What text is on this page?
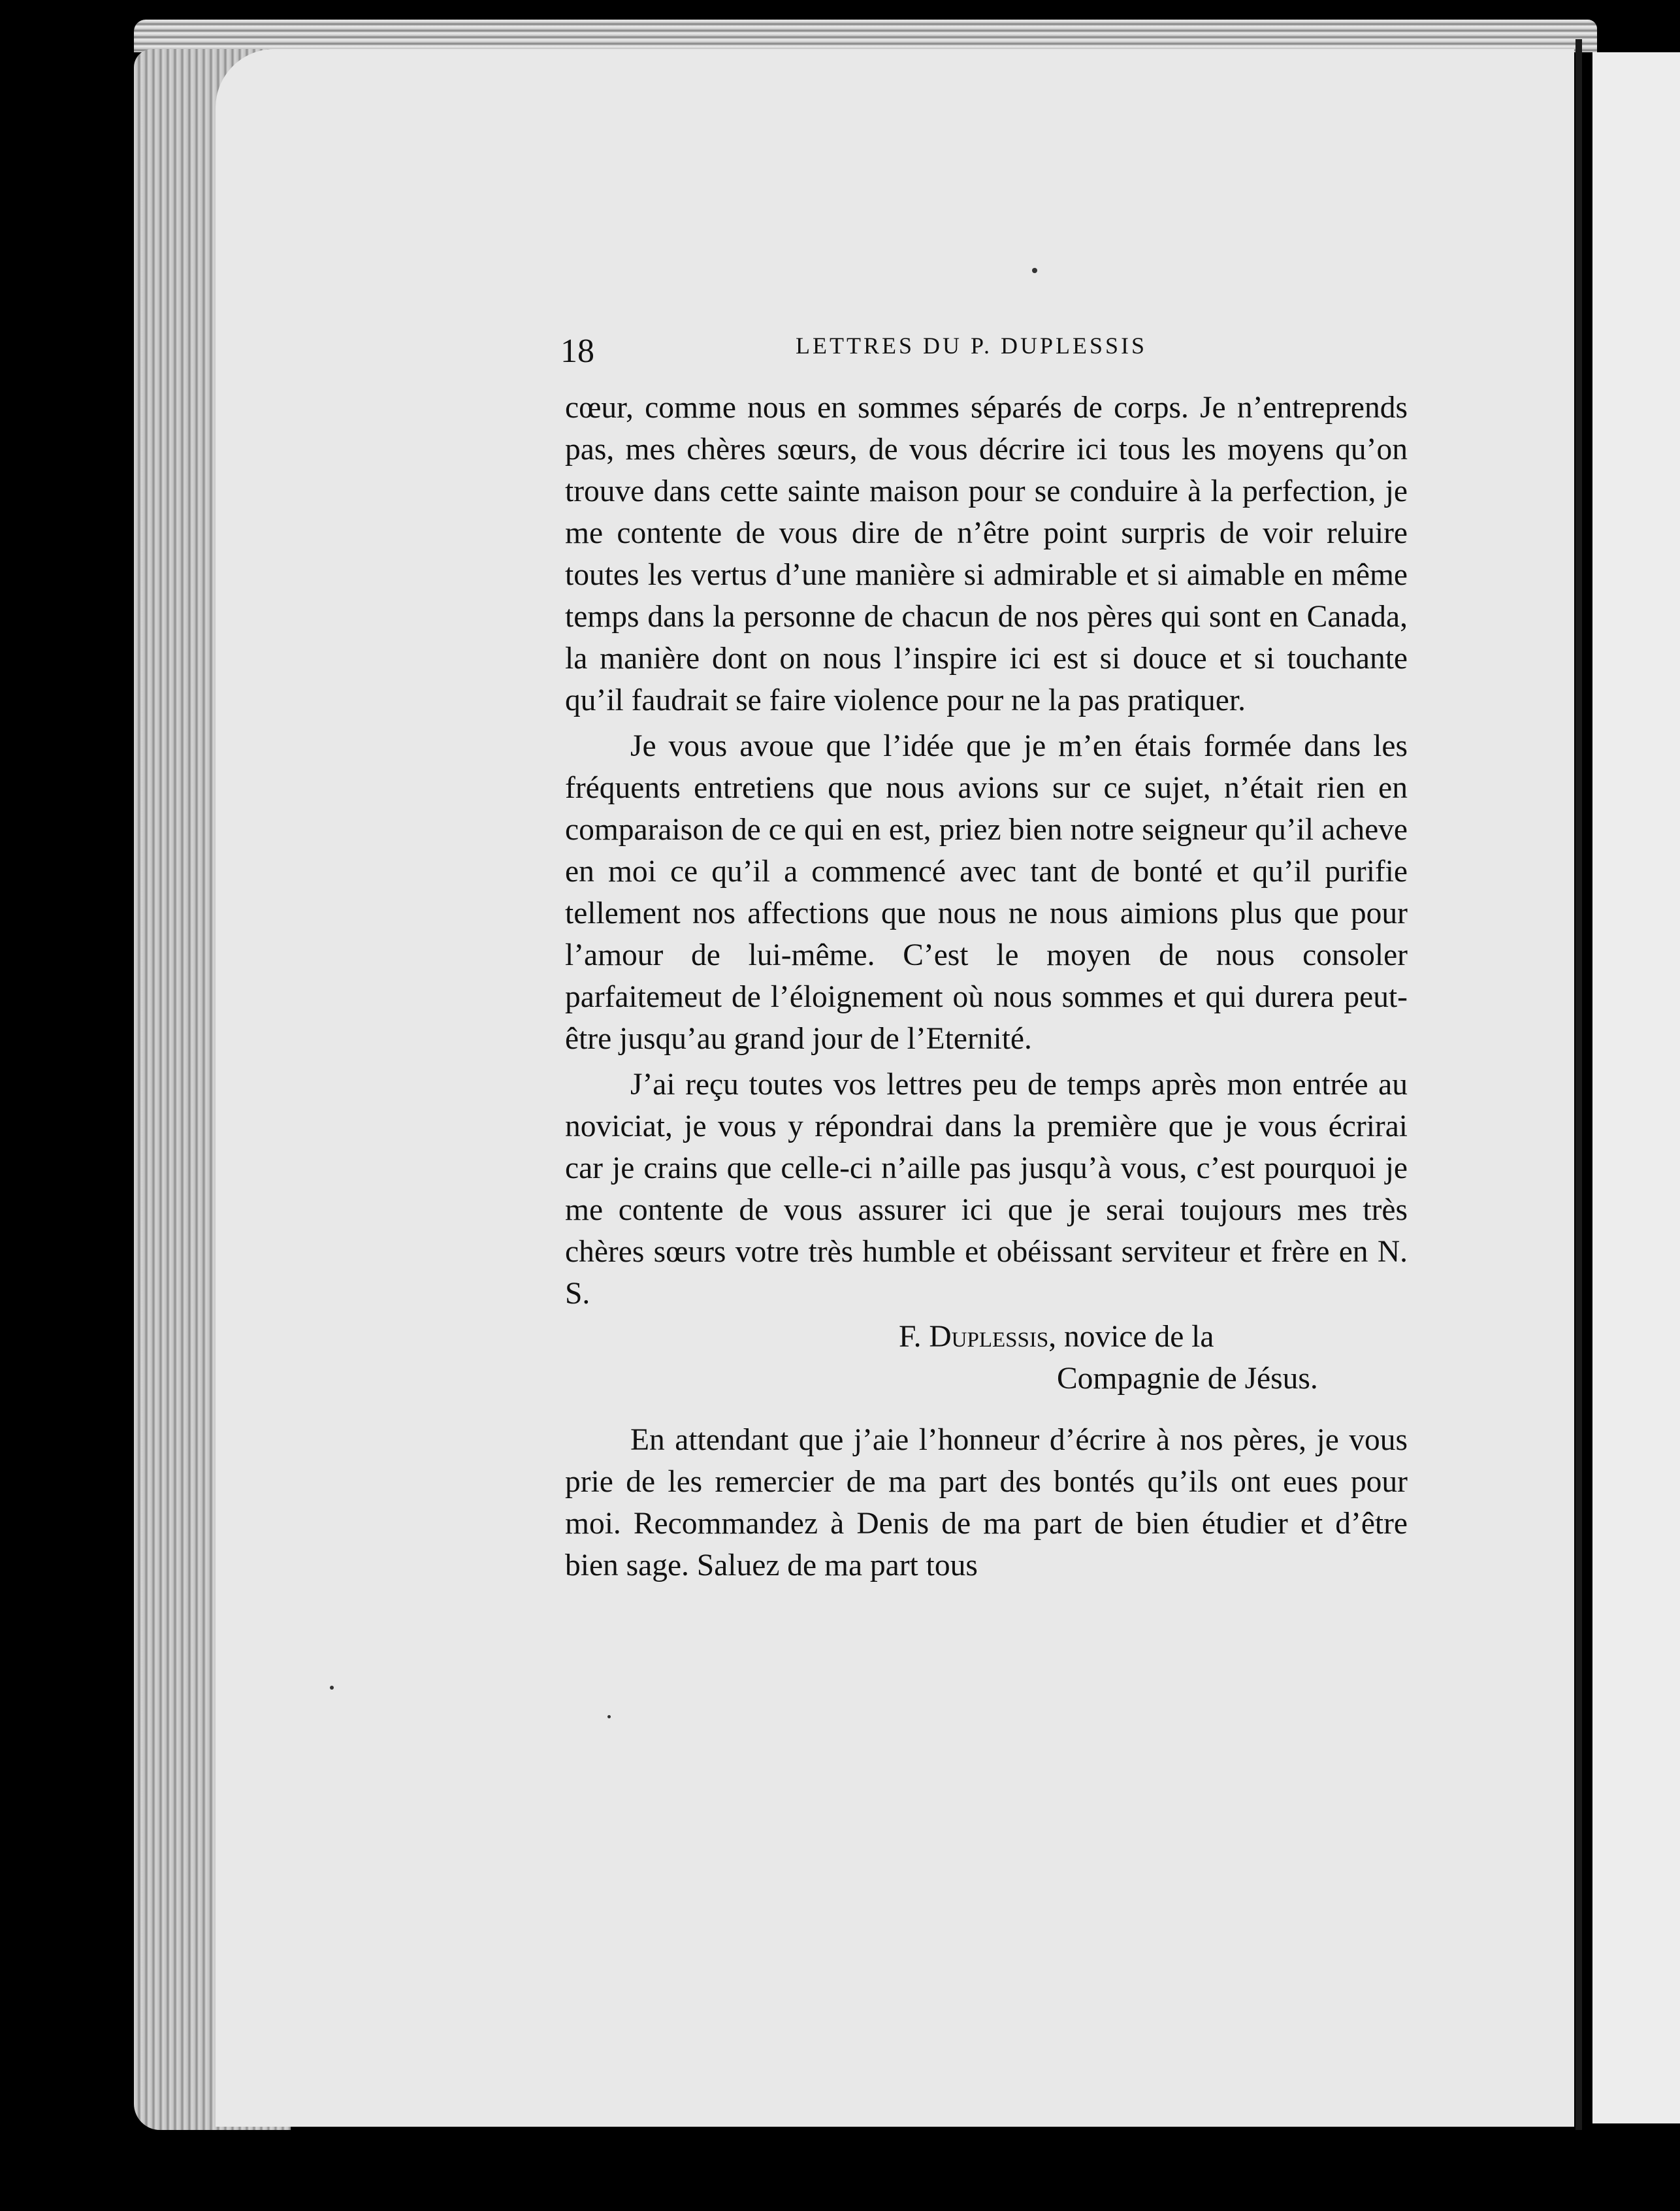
18	LETTRES DU P. DUPLESSIS

cœur, comme nous en sommes séparés de corps. Je n’entreprends pas, mes chères sœurs, de vous décrire ici tous les moyens qu’on trouve dans cette sainte maison pour se conduire à la perfection, je me contente de vous dire de n’être point surpris de voir reluire toutes les vertus d’une manière si admirable et si aimable en même temps dans la personne de chacun de nos pères qui sont en Canada, la manière dont on nous l’inspire ici est si douce et si touchante qu’il faudrait se faire violence pour ne la pas pratiquer.

Je vous avoue que l’idée que je m’en étais formée dans les fréquents entretiens que nous avions sur ce sujet, n’était rien en comparaison de ce qui en est, priez bien notre seigneur qu’il acheve en moi ce qu’il a commencé avec tant de bonté et qu’il purifie tellement nos affections que nous ne nous aimions plus que pour l’amour de lui-même. C’est le moyen de nous consoler parfaitemeut de l’éloignement où nous sommes et qui durera peut-être jusqu’au grand jour de l’Eternité.

J’ai reçu toutes vos lettres peu de temps après mon entrée au noviciat, je vous y répondrai dans la première que je vous écrirai car je crains que celle-ci n’aille pas jusqu’à vous, c’est pourquoi je me contente de vous assurer ici que je serai toujours mes très chères sœurs votre très humble et obéissant serviteur et frère en N. S.

F. Duplessis, novice de la
Compagnie de Jésus.

En attendant que j’aie l’honneur d’écrire à nos pères, je vous prie de les remercier de ma part des bontés qu’ils ont eues pour moi. Recommandez à Denis de ma part de bien étudier et d’être bien sage. Saluez de ma part tous
